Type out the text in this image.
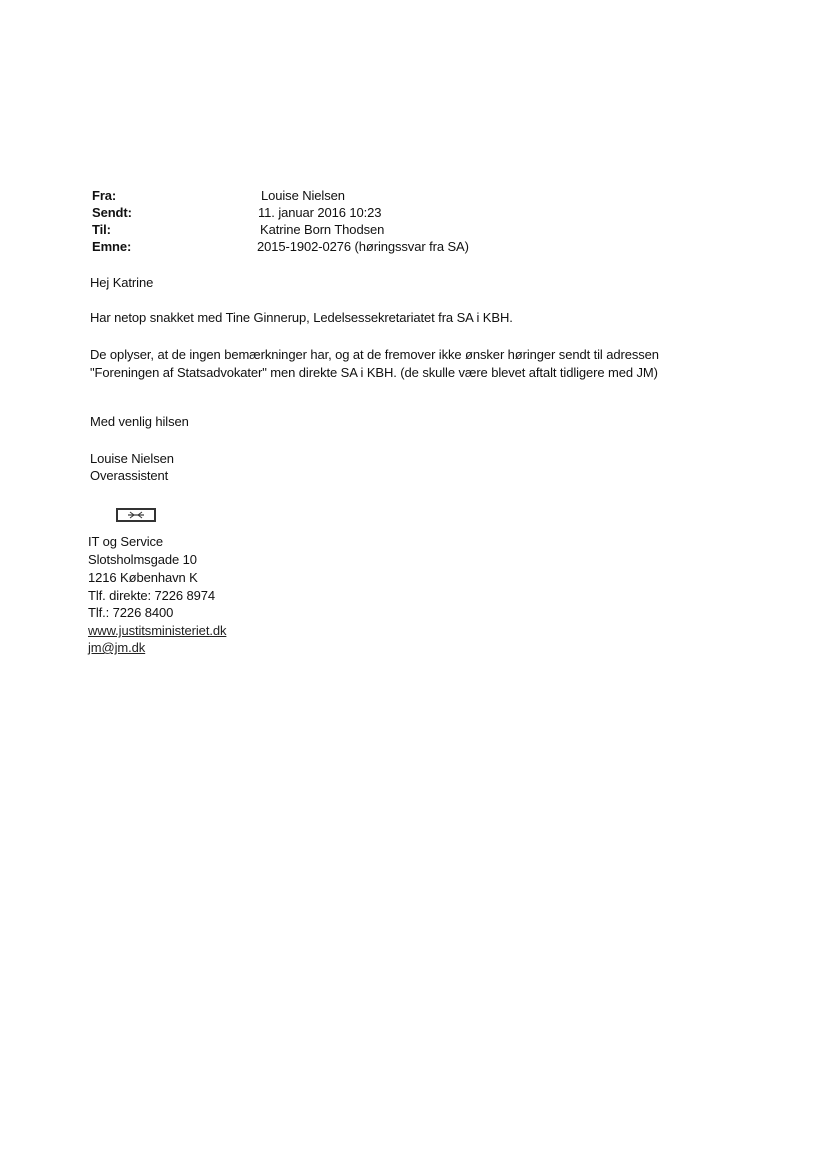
Fra:	Louise Nielsen
Sendt:	11. januar 2016 10:23
Til:	Katrine Born Thodsen
Emne:	2015-1902-0276 (høringssvar fra SA)
Hej Katrine
Har netop snakket med Tine Ginnerup, Ledelsessekretariatet fra SA i KBH.
De oplyser, at de ingen bemærkninger har, og at de fremover ikke ønsker høringer sendt til adressen
"Foreningen af Statsadvokater" men direkte SA i KBH. (de skulle være blevet aftalt tidligere med JM)
Med venlig hilsen
Louise Nielsen
Overassistent
IT og Service
Slotsholmsgade 10
1216 København K
Tlf. direkte: 7226 8974
Tlf.: 7226 8400
www.justitsministeriet.dk
jm@jm.dk
